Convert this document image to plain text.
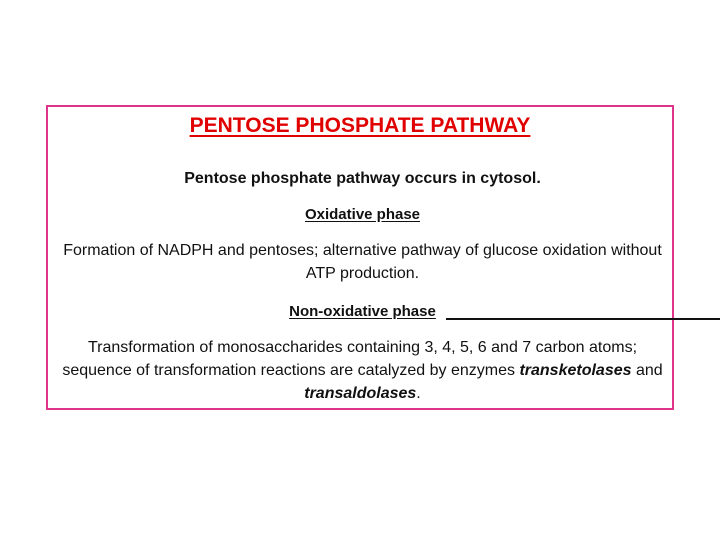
PENTOSE PHOSPHATE PATHWAY

Pentose phosphate pathway occurs in cytosol.

Oxidative phase

Formation of NADPH and pentoses; alternative pathway of glucose oxidation without ATP production.

Non-oxidative phase

Transformation of monosaccharides containing 3, 4, 5, 6 and 7 carbon atoms; sequence of transformation reactions are catalyzed by enzymes transketolases and transaldolases.
